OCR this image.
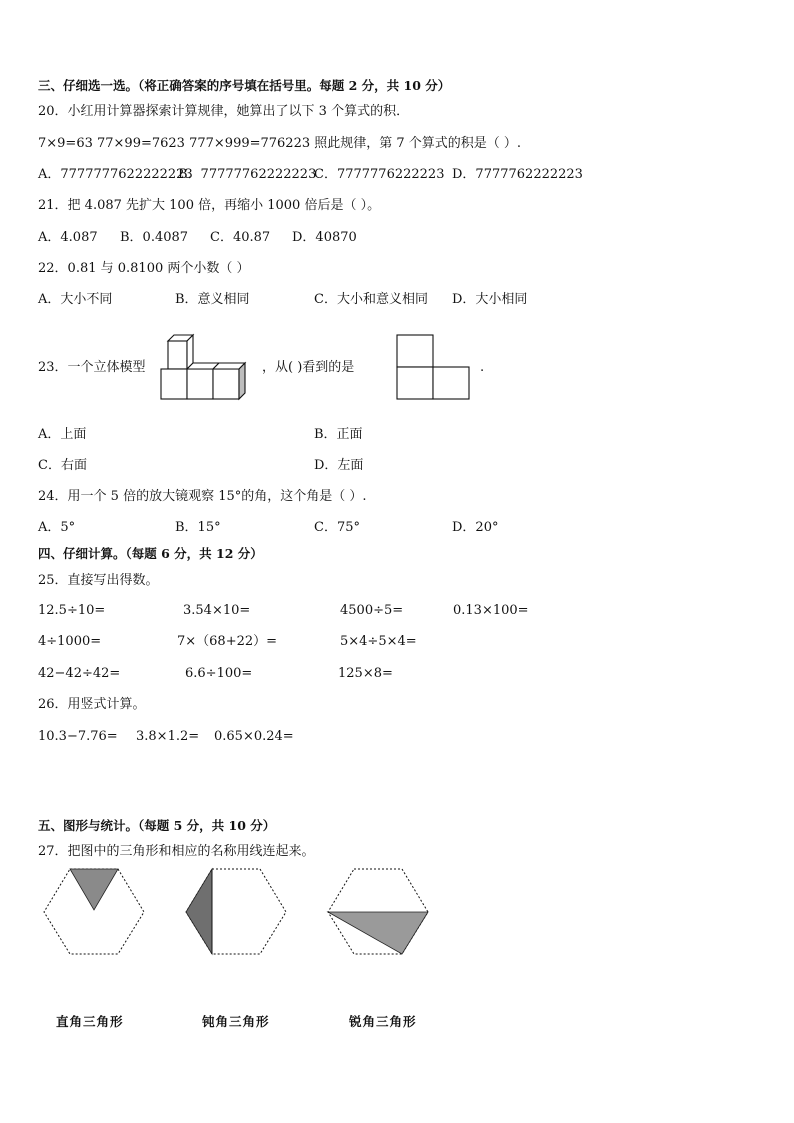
三、仔细选一选。（将正确答案的序号填在括号里。每题 2 分，共 10 分）
20．小红用计算器探索计算规律，她算出了以下 3 个算式的积．
7×9=63 77×99=7623 777×999=776223 照此规律，第 7 个算式的积是（ ）.
A．7777777622222223
B．77777762222223
C．7777776222223 D．7777762222223
21．把 4.087 先扩大 100 倍，再缩小 1000 倍后是（ ）。
A．4.087 B．0.4087 C．40.87 D．40870
22．0.81 与 0.8100 两个小数（ ）
A．大小不同	B．意义相同	C．大小和意义相同 D．大小相同
23．一个立体模型	，从( )看到的是	.
A．上面	B．正面
C．右面	D．左面
24．用一个 5 倍的放大镜观察 15°的角，这个角是（ ）.
A．5°	B．15°	C．75°	D．20°
四、仔细计算。（每题 6 分，共 12 分）
25．直接写出得数。
12.5÷10=	3.54×10=	4500÷5=	0.13×100=
4÷1000=	7×（68+22）=	5×4÷5×4=
42−42÷42=	6.6÷100=	125×8=
26．用竖式计算。
10.3−7.76= 3.8×1.2= 0.65×0.24=
五、图形与统计。（每题 5 分，共 10 分）
27．把图中的三角形和相应的名称用线连起来。
直角三角形	钝角三角形	锐角三角形
